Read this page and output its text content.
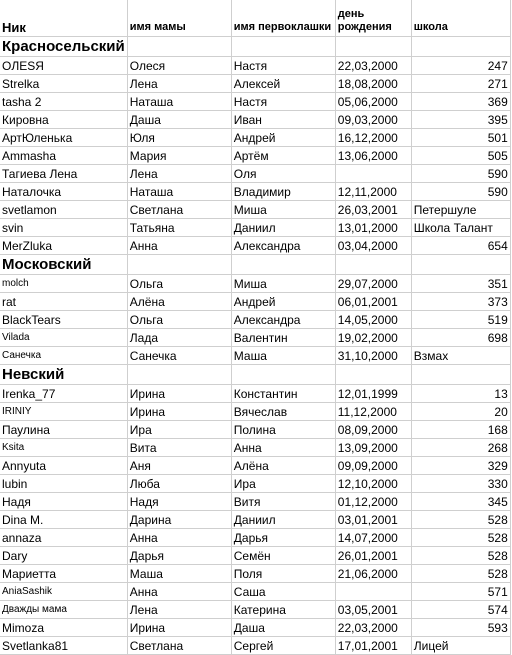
Ник	имя мамы	имя первоклашки	день рождения	школа
Красносельский				
OЛЕSЯ	Олеся	Настя	22,03,2000	247
Strelka	Лена	Алексей	18,08,2000	271
tasha 2	Наташа	Настя	05,06,2000	369
Кировна	Даша	Иван	09,03,2000	395
АртЮленька	Юля	Андрей	16,12,2000	501
Ammasha	Мария	Артём	13,06,2000	505
Тагиева Лена	Лена	Оля		590
Наталочка	Наташа	Владимир	12,11,2000	590
svetlamon	Светлана	Миша	26,03,2001	Петершуле
svin	Татьяна	Даниил	13,01,2000	Школа Талант
MerZluka	Анна	Александра	03,04,2000	654
Московский				
molch	Ольга	Миша	29,07,2000	351
rat	Алёна	Андрей	06,01,2001	373
BlackTears	Ольга	Александра	14,05,2000	519
Vilada	Лада	Валентин	19,02,2000	698
Санечка	Санечка	Маша	31,10,2000	Взмах
Невский				
Irenka_77	Ирина	Константин	12,01,1999	13
IRINIY	Ирина	Вячеслав	11,12,2000	20
Паулина	Ира	Полина	08,09,2000	168
Ksita	Вита	Анна	13,09,2000	268
Annyuta	Аня	Алёна	09,09,2000	329
lubin	Люба	Ира	12,10,2000	330
Надя	Надя	Витя	01,12,2000	345
Dina M.	Дарина	Даниил	03,01,2001	528
annaza	Анна	Дарья	14,07,2000	528
Dary	Дарья	Семён	26,01,2001	528
Мариетта	Маша	Поля	21,06,2000	528
AniaSashik	Анна	Саша		571
Дважды мама	Лена	Катерина	03,05,2001	574
Mimoza	Ирина	Даша	22,03,2000	593
Svetlanka81	Светлана	Сергей	17,01,2001	Лицей
